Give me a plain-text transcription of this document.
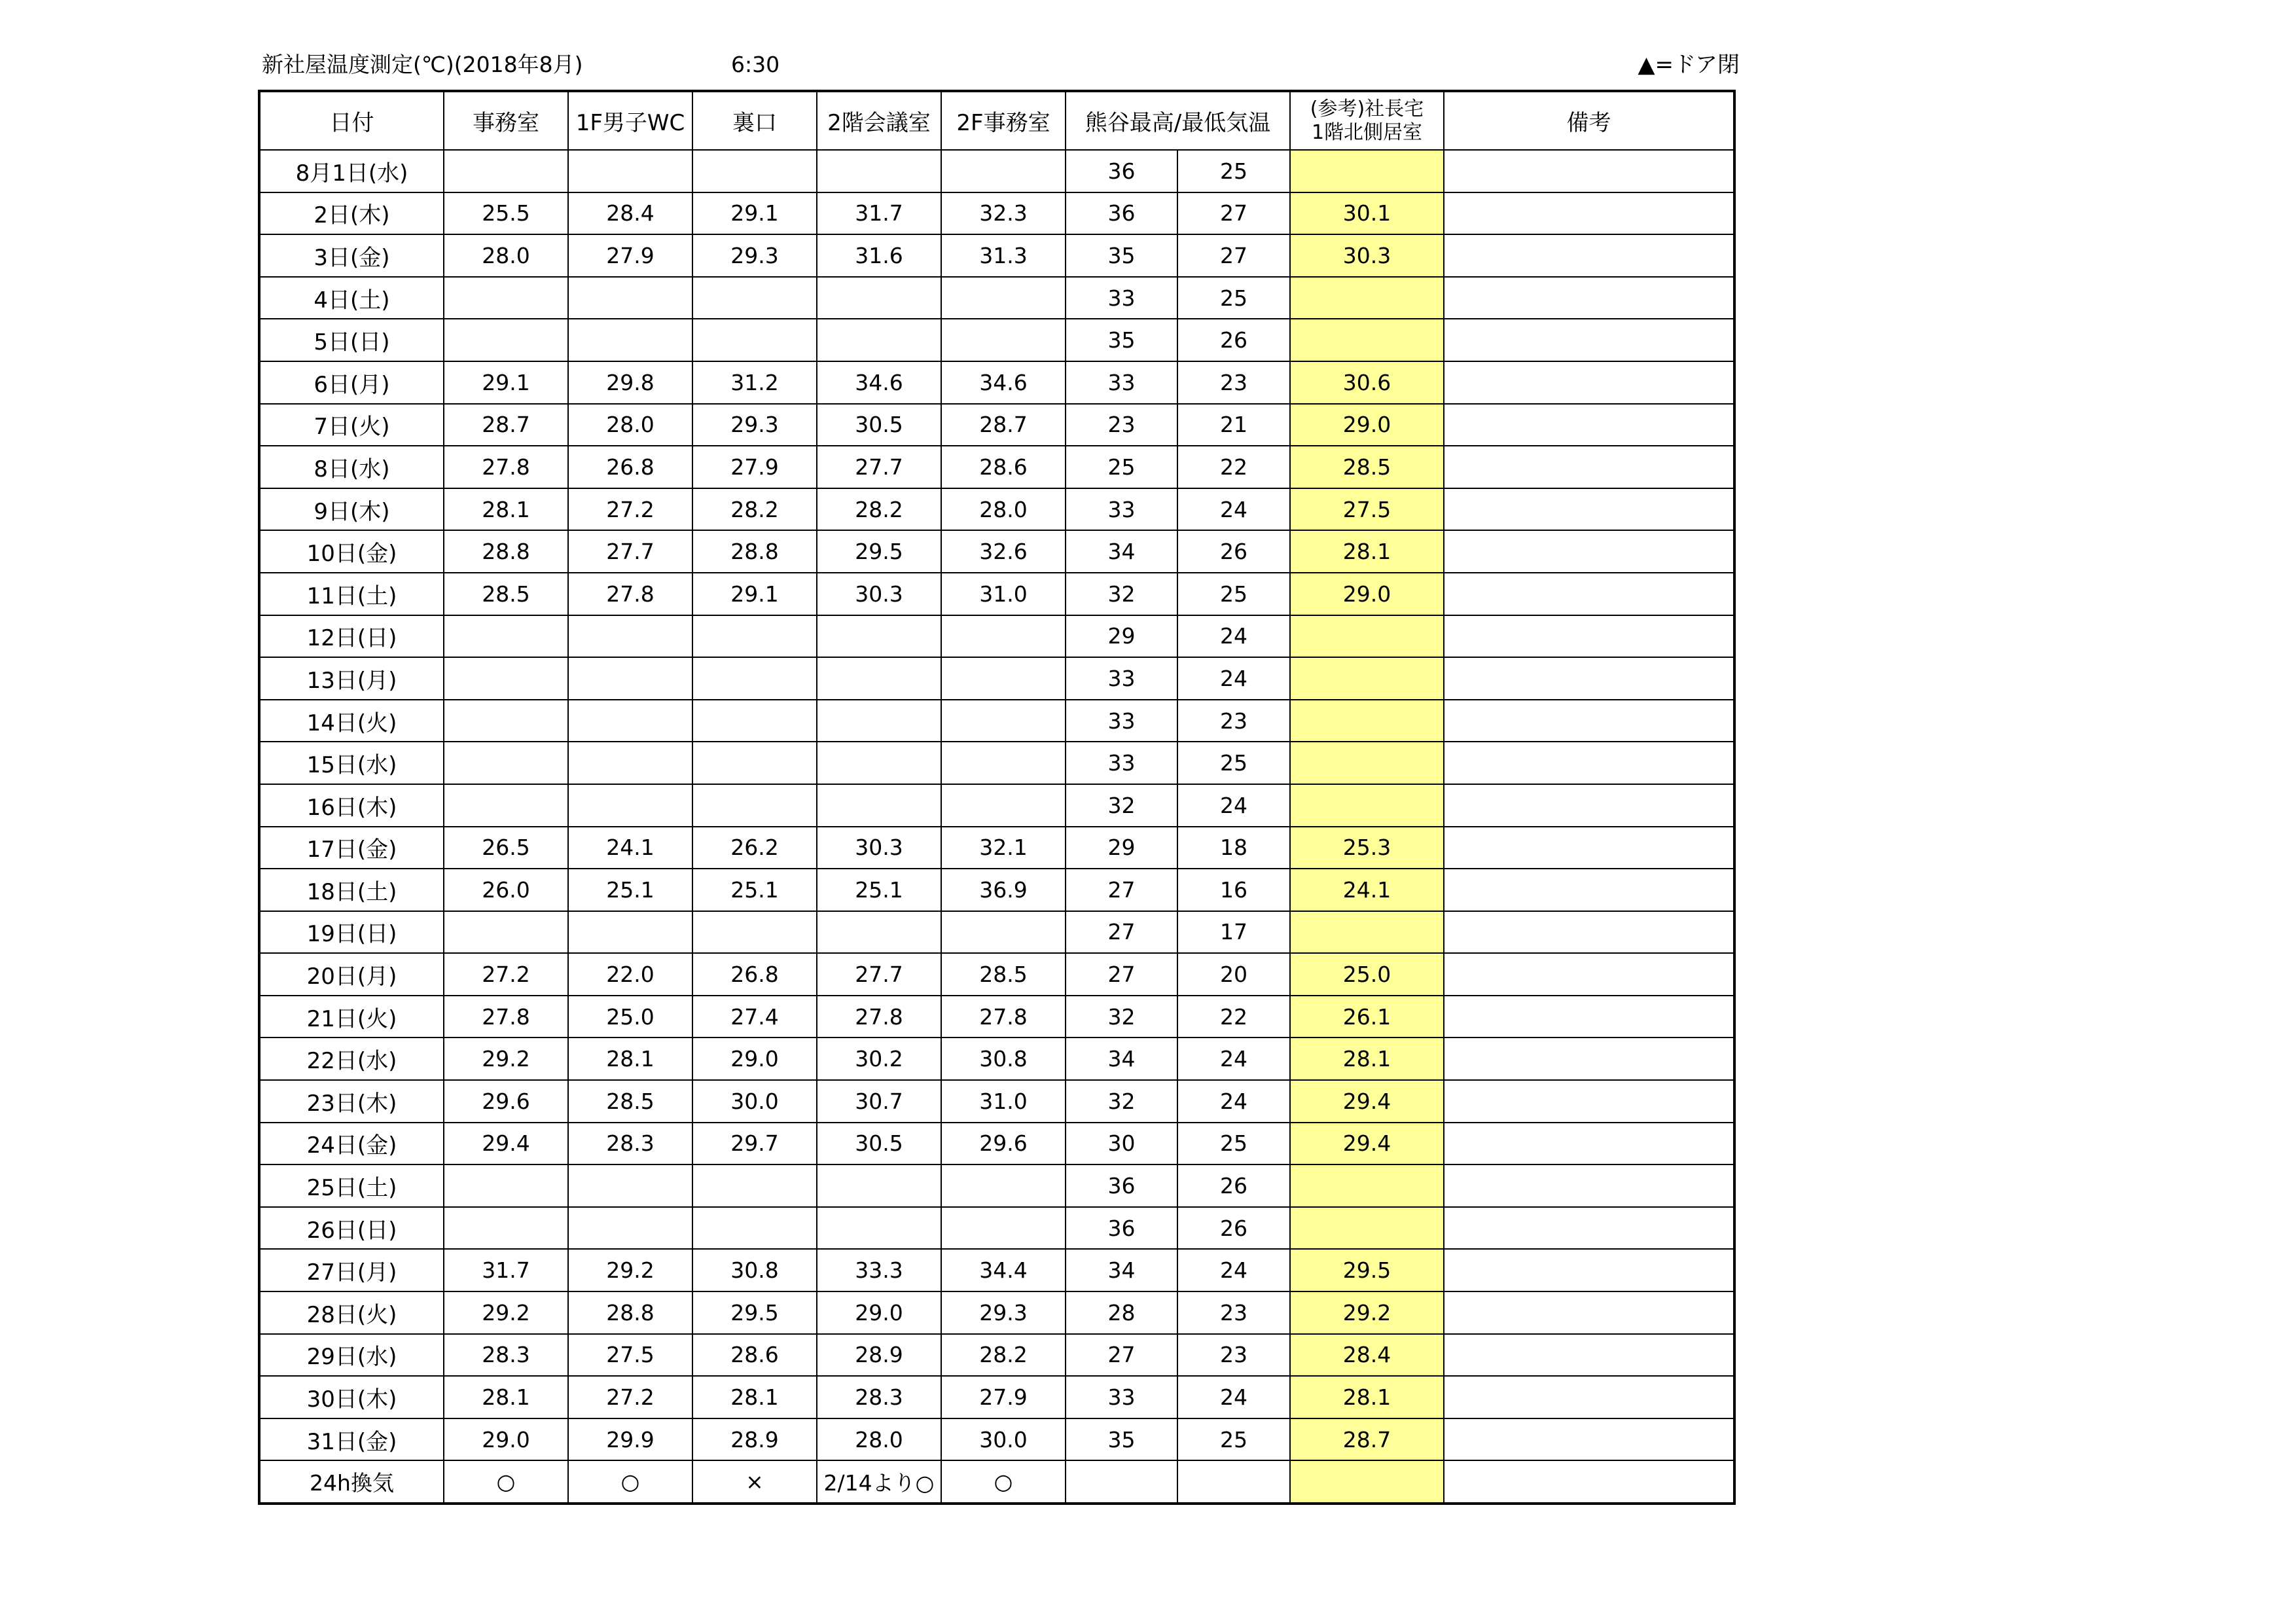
新社屋温度測定(℃)(2018年8月)	6:30	▲=ドア閉
日付	事務室	1F男子WC	裏口	2階会議室	2F事務室	熊谷最高/最低気温		(参考)社長宅
1階北側居室	備考
8月1日(水)						36	25		
2日(木)	25.5	28.4	29.1	31.7	32.3	36	27	30.1	
3日(金)	28.0	27.9	29.3	31.6	31.3	35	27	30.3	
4日(土)						33	25		
5日(日)						35	26		
6日(月)	29.1	29.8	31.2	34.6	34.6	33	23	30.6	
7日(火)	28.7	28.0	29.3	30.5	28.7	23	21	29.0	
8日(水)	27.8	26.8	27.9	27.7	28.6	25	22	28.5	
9日(木)	28.1	27.2	28.2	28.2	28.0	33	24	27.5	
10日(金)	28.8	27.7	28.8	29.5	32.6	34	26	28.1	
11日(土)	28.5	27.8	29.1	30.3	31.0	32	25	29.0	
12日(日)						29	24		
13日(月)						33	24		
14日(火)						33	23		
15日(水)						33	25		
16日(木)						32	24		
17日(金)	26.5	24.1	26.2	30.3	32.1	29	18	25.3	
18日(土)	26.0	25.1	25.1	25.1	36.9	27	16	24.1	
19日(日)						27	17		
20日(月)	27.2	22.0	26.8	27.7	28.5	27	20	25.0	
21日(火)	27.8	25.0	27.4	27.8	27.8	32	22	26.1	
22日(水)	29.2	28.1	29.0	30.2	30.8	34	24	28.1	
23日(木)	29.6	28.5	30.0	30.7	31.0	32	24	29.4	
24日(金)	29.4	28.3	29.7	30.5	29.6	30	25	29.4	
25日(土)						36	26		
26日(日)						36	26		
27日(月)	31.7	29.2	30.8	33.3	34.4	34	24	29.5	
28日(火)	29.2	28.8	29.5	29.0	29.3	28	23	29.2	
29日(水)	28.3	27.5	28.6	28.9	28.2	27	23	28.4	
30日(木)	28.1	27.2	28.1	28.3	27.9	33	24	28.1	
31日(金)	29.0	29.9	28.9	28.0	30.0	35	25	28.7	
24h換気	○	○	×	2/14より○	○				
